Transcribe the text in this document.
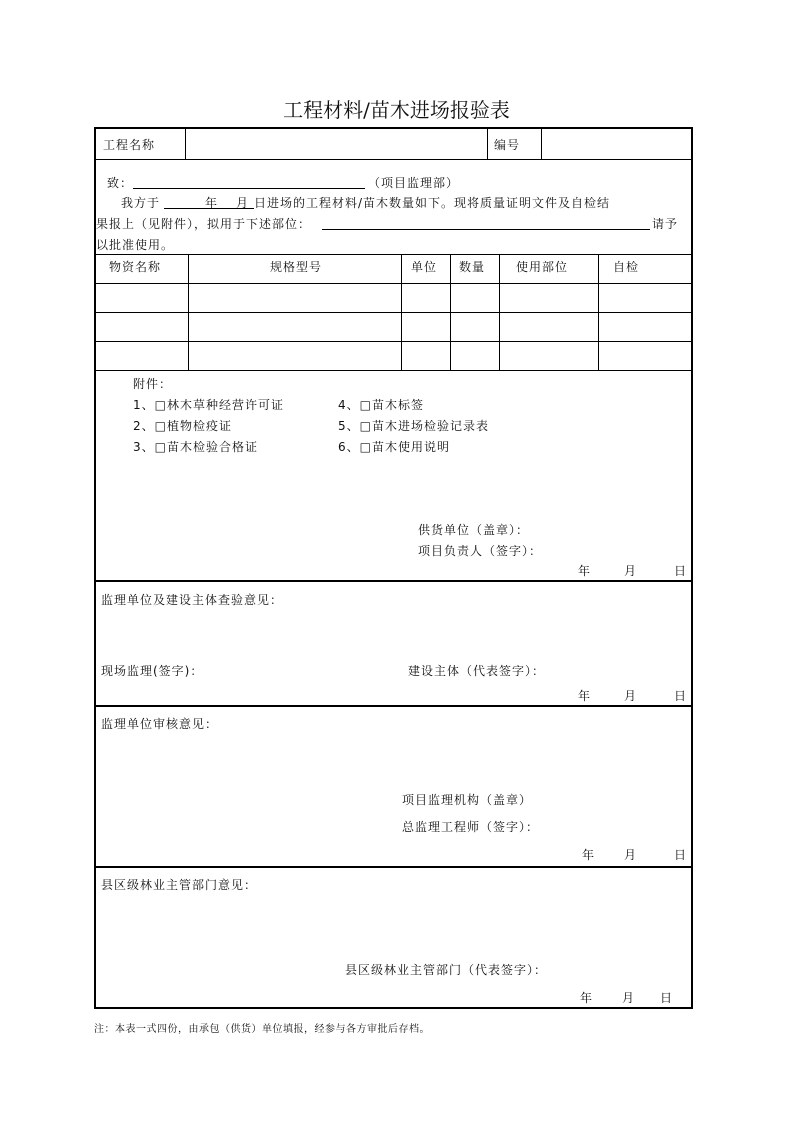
工程材料/苗木进场报验表
工程名称	编号
致：	（项目监理部）
我方于	年 月 日进场的工程材料/苗木数量如下。现将质量证明文件及自检结
果报上（见附件），拟用于下述部位：	请予
以批准使用。
物资名称	规格型号	单位 数量	使用部位	自检
附件：
1、□林木草种经营许可证
2、□植物检疫证
3、□苗木检验合格证
4、□苗木标签
5、□苗木进场检验记录表
6、□苗木使用说明
供货单位（盖章）：
项目负责人（签字）：
年	月	日
监理单位及建设主体查验意见：
现场监理(签字)：	建设主体（代表签字）：
年	月	日
监理单位审核意见：
项目监理机构（盖章）
总监理工程师（签字）：
年 月	日
县区级林业主管部门意见：
县区级林业主管部门（代表签字）：
年 月 日
注：本表一式四份，由承包（供货）单位填报，经参与各方审批后存档。
